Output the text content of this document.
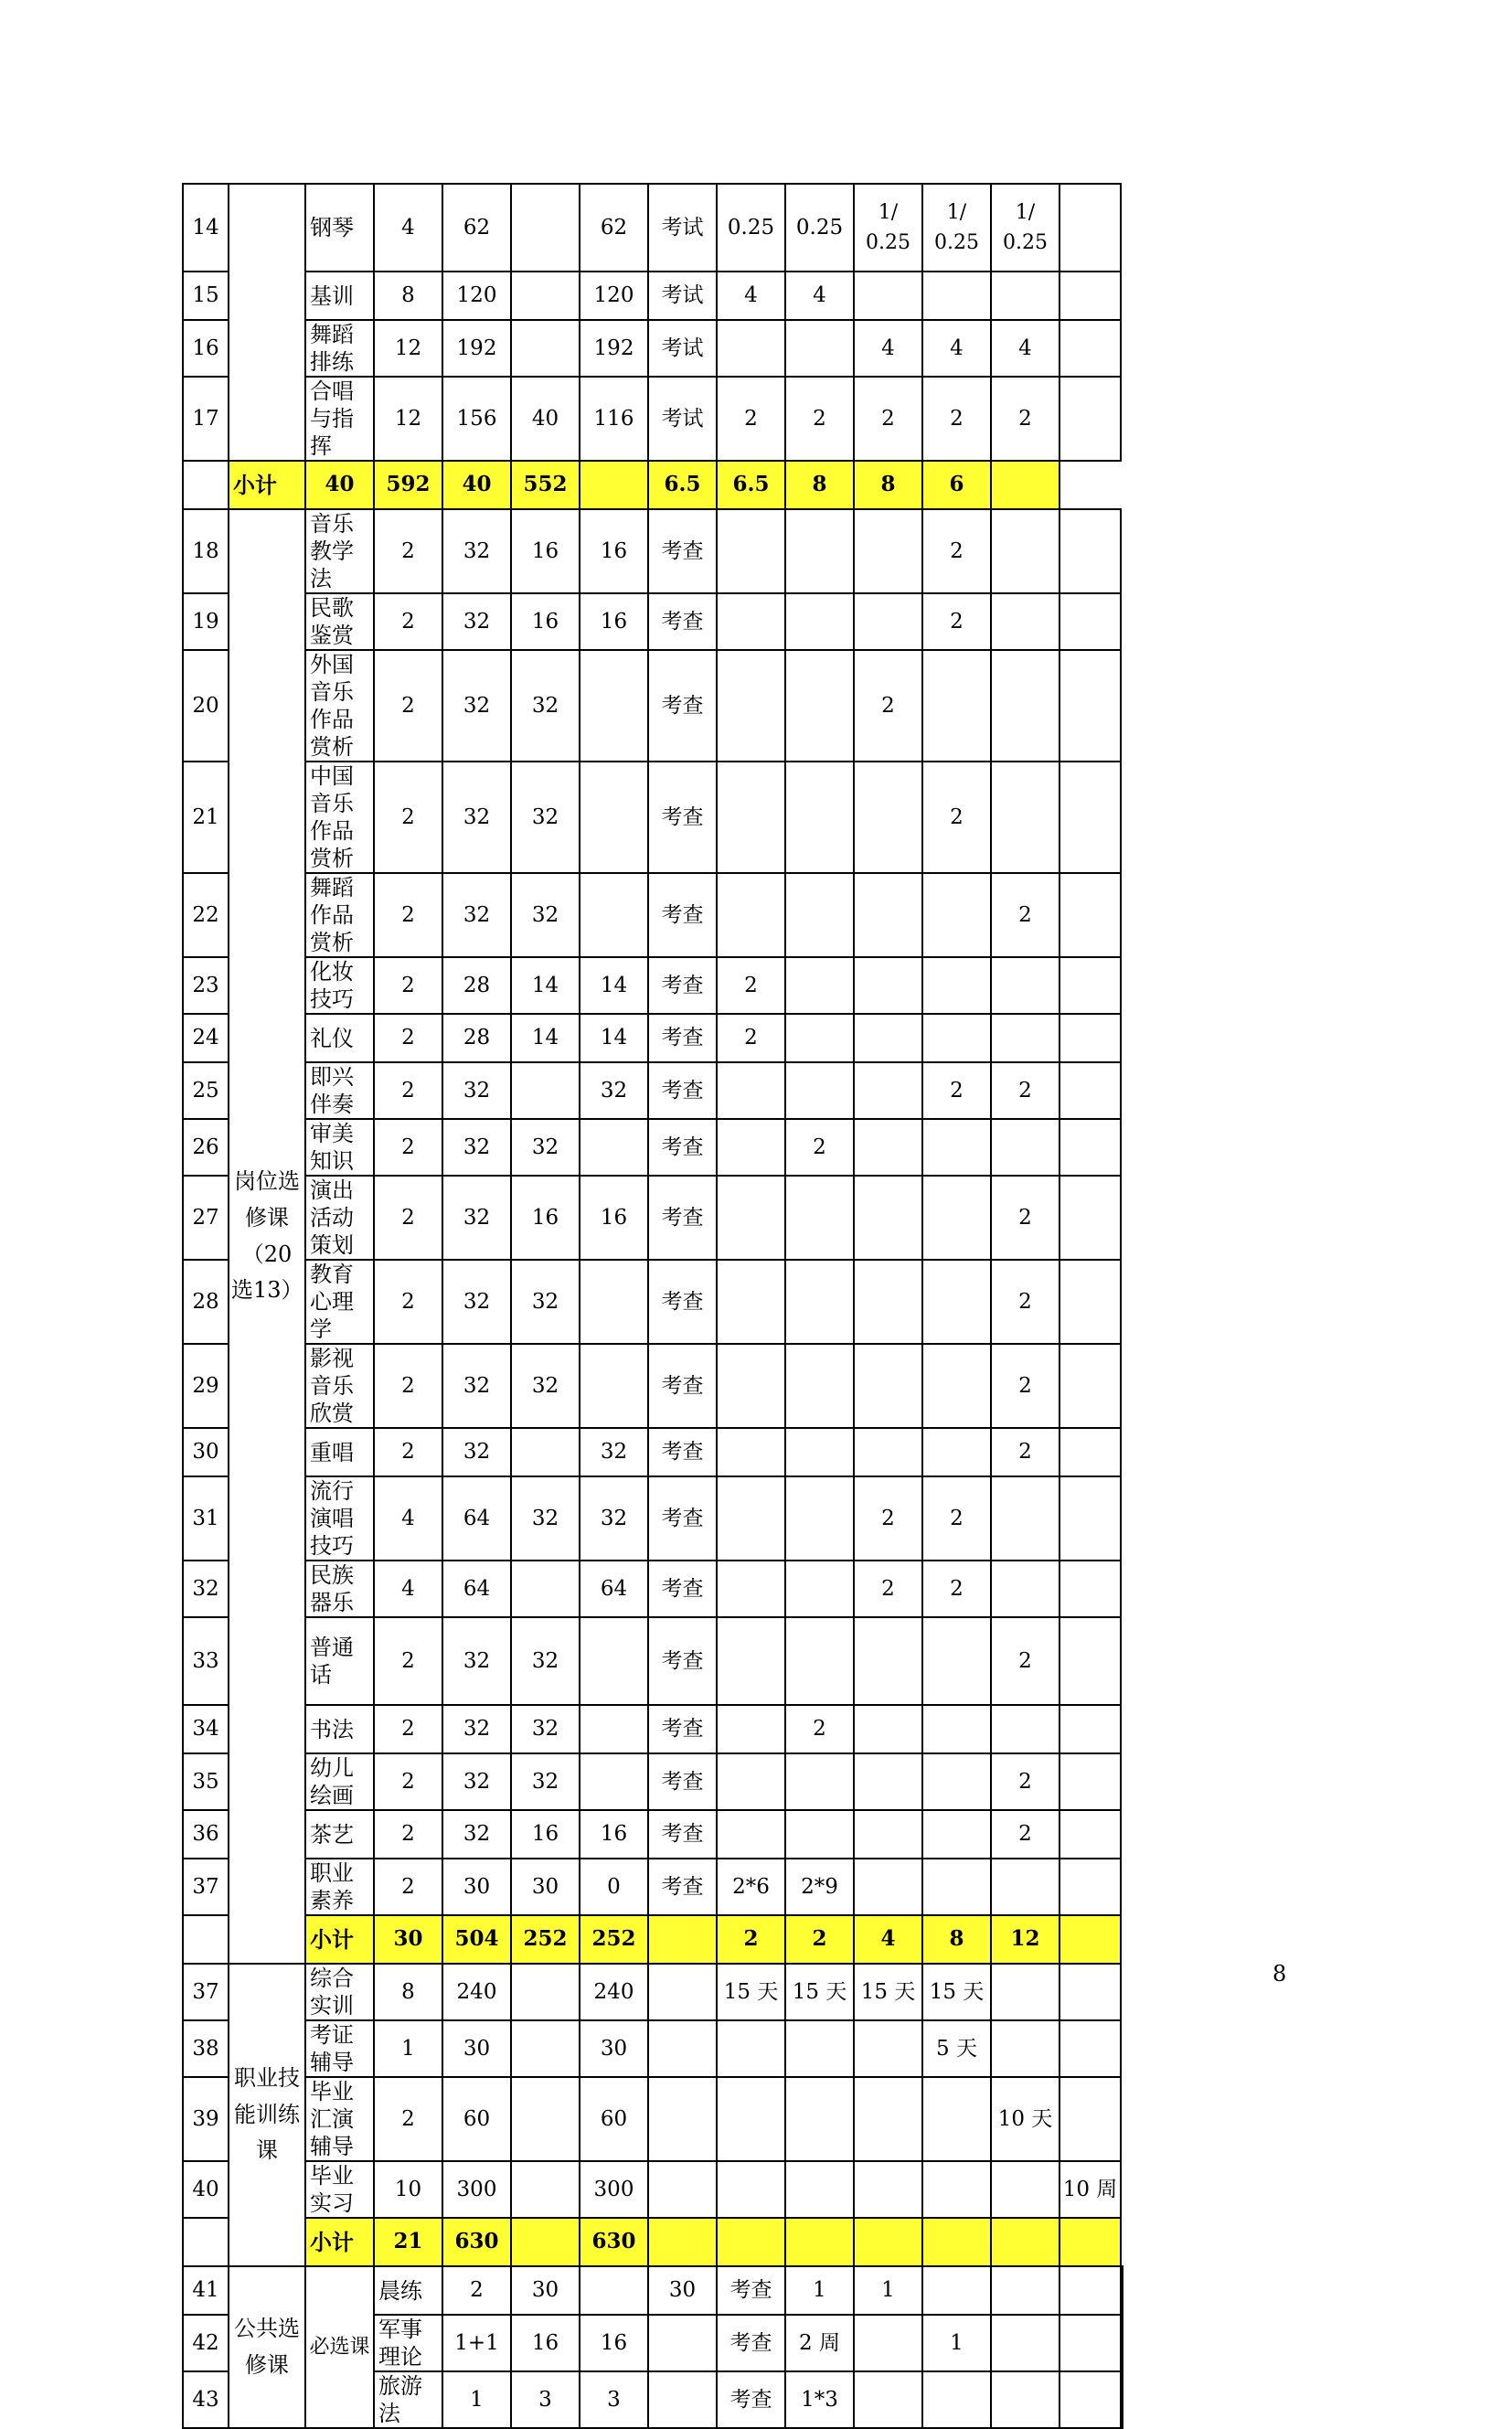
14		钢琴	4	62		62	考试	0.25	0.25	1/ 0.25	1/ 0.25	1/ 0.25		
15		基训	8	120		120	考试	4	4					
16		舞蹈排练	12	192		192	考试			4	4	4		
17		合唱与指挥	12	156	40	116	考试	2	2	2	2	2		
	小计	40	592	40	552		6.5	6.5	8	8	6			
18	岗位选修课（20选13）	音乐教学法	2	32	16	16	考查				2			
19		民歌鉴赏	2	32	16	16	考查				2			
20		外国音乐作品赏析	2	32	32		考查			2				
21		中国音乐作品赏析	2	32	32		考查				2			
22		舞蹈作品赏析	2	32	32		考查					2		
23		化妆技巧	2	28	14	14	考查	2						
24		礼仪	2	28	14	14	考查	2						
25		即兴伴奏	2	32		32	考查				2	2		
26		审美知识	2	32	32		考查		2					
27		演出活动策划	2	32	16	16	考查					2		
28		教育心理学	2	32	32		考查					2		
29		影视音乐欣赏	2	32	32		考查					2		
30		重唱	2	32		32	考查					2		
31		流行演唱技巧	4	64	32	32	考查			2	2			
32		民族器乐	4	64		64	考查			2	2			
33		普通话	2	32	32		考查					2		
34		书法	2	32	32		考查		2					
35		幼儿绘画	2	32	32		考查					2		
36		茶艺	2	32	16	16	考查					2		
37		职业素养	2	30	30	0	考查	2*6	2*9					
		小计	30	504	252	252		2	2	4	8	12		
37	职业技能训练课	综合实训	8	240		240		15 天	15 天	15 天	15 天			
38		考证辅导	1	30		30					5 天			
39		毕业汇演辅导	2	60		60						10 天		
40		毕业实习	10	300		300							10 周	
		小计	21	630		630								
41	公共选修课	必选课	晨练	2	30		30	考查	1	1				
42			军事理论	1+1	16	16		考查	2 周		1			
43			旅游法	1	3	3		考查	1*3					
8
